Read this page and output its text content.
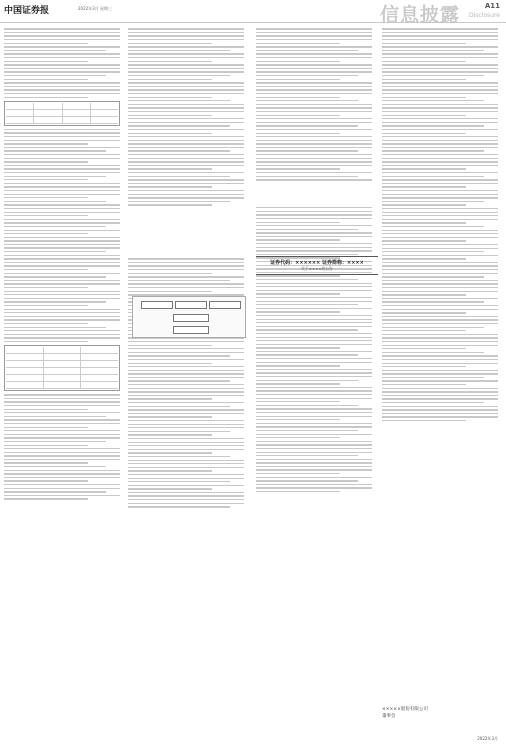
中国证券报	2022年3月 星期三	A11
信息披露 Disclosure
证券代码：×××××× 证券简称：××××
关于××××的公告
×××××股份有限公司
董事会
2022年3月
